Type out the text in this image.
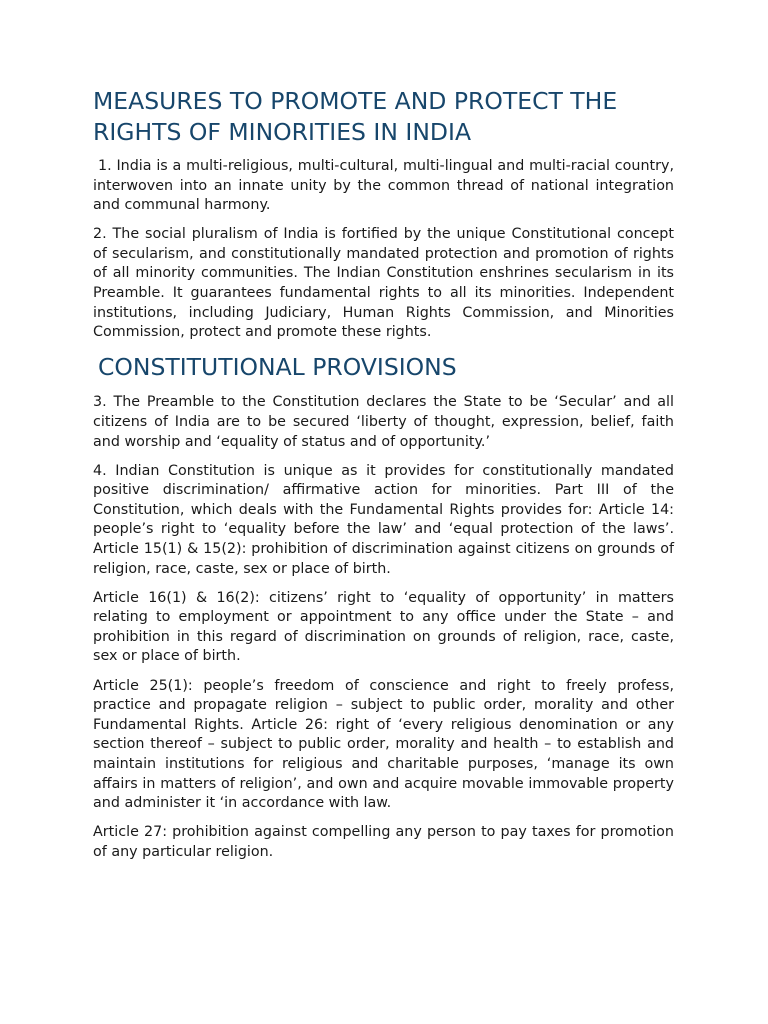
MEASURES TO PROMOTE AND PROTECT THE RIGHTS OF MINORITIES IN INDIA

1. India is a multi-religious, multi-cultural, multi-lingual and multi-racial country, interwoven into an innate unity by the common thread of national integration and communal harmony.

2. The social pluralism of India is fortified by the unique Constitutional concept of secularism, and constitutionally mandated protection and promotion of rights of all minority communities. The Indian Constitution enshrines secularism in its Preamble. It guarantees fundamental rights to all its minorities. Independent institutions, including Judiciary, Human Rights Commission, and Minorities Commission, protect and promote these rights.

CONSTITUTIONAL PROVISIONS

3. The Preamble to the Constitution declares the State to be ‘Secular’ and all citizens of India are to be secured ‘liberty of thought, expression, belief, faith and worship and ‘equality of status and of opportunity.’

4. Indian Constitution is unique as it provides for constitutionally mandated positive discrimination/ affirmative action for minorities. Part III of the Constitution, which deals with the Fundamental Rights provides for: Article 14: people’s right to ‘equality before the law’ and ‘equal protection of the laws’. Article 15(1) & 15(2): prohibition of discrimination against citizens on grounds of religion, race, caste, sex or place of birth.

Article 16(1) & 16(2): citizens’ right to ‘equality of opportunity’ in matters relating to employment or appointment to any office under the State – and prohibition in this regard of discrimination on grounds of religion, race, caste, sex or place of birth.

Article 25(1): people’s freedom of conscience and right to freely profess, practice and propagate religion – subject to public order, morality and other Fundamental Rights. Article 26: right of ‘every religious denomination or any section thereof – subject to public order, morality and health – to establish and maintain institutions for religious and charitable purposes, ‘manage its own affairs in matters of religion’, and own and acquire movable immovable property and administer it ‘in accordance with law.

Article 27: prohibition against compelling any person to pay taxes for promotion of any particular religion.
